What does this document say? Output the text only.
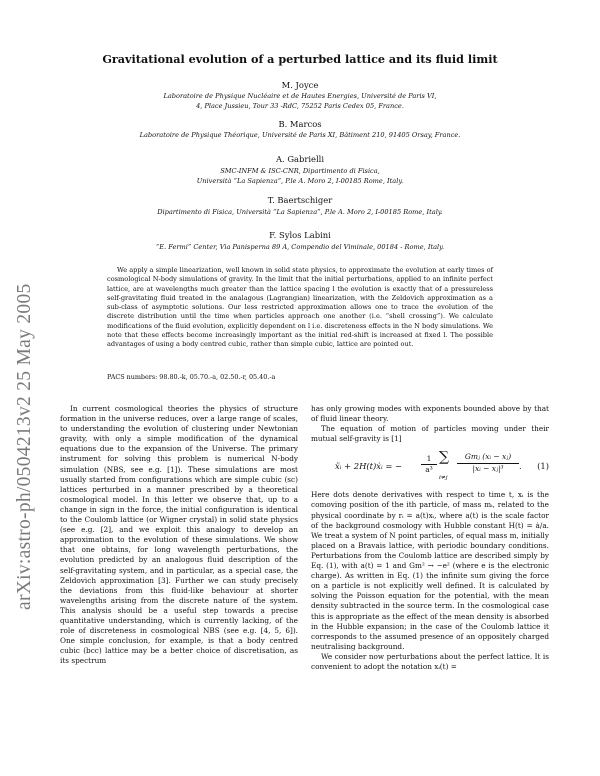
arXiv:astro-ph/0504213v2 25 May 2005
Gravitational evolution of a perturbed lattice and its fluid limit
M. Joyce
Laboratoire de Physique Nucléaire et de Hautes Energies, Université de Paris VI,
4, Place Jussieu, Tour 33 -RdC, 75252 Paris Cedex 05, France.
B. Marcos
Laboratoire de Physique Théorique, Université de Paris XI, Bâtiment 210, 91405 Orsay, France.
A. Gabrielli
SMC-INFM & ISC-CNR, Dipartimento di Fisica,
Università “La Sapienza”, P.le A. Moro 2, I-00185 Rome, Italy.
T. Baertschiger
Dipartimento di Fisica, Università “La Sapienza”, P.le A. Moro 2, I-00185 Rome, Italy.
F. Sylos Labini
“E. Fermi” Center, Via Panisperna 89 A, Compendio del Viminale, 00184 - Rome, Italy.
We apply a simple linearization, well known in solid state physics, to approximate the evolution at early times of cosmological N-body simulations of gravity. In the limit that the initial perturbations, applied to an infinite perfect lattice, are at wavelengths much greater than the lattice spacing l the evolution is exactly that of a pressureless self-gravitating fluid treated in the analagous (Lagrangian) linearization, with the Zeldovich approximation as a sub-class of asymptotic solutions. Our less restricted approximation allows one to trace the evolution of the discrete distribution until the time when particles approach one another (i.e. “shell crossing”). We calculate modifications of the fluid evolution, explicitly dependent on l i.e. discreteness effects in the N body simulations. We note that these effects become increasingly important as the initial red-shift is increased at fixed l. The possible advantages of using a body centred cubic, rather than simple cubic, lattice are pointed out.
PACS numbers: 98.80.-k, 05.70.-a, 02.50.-r, 05.40.-a

In current cosmological theories the physics of structure formation in the universe reduces, over a large range of scales, to understanding the evolution of clustering under Newtonian gravity, with only a simple modification of the dynamical equations due to the expansion of the Universe. The primary instrument for solving this problem is numerical N-body simulation (NBS, see e.g. [1]). These simulations are most usually started from configurations which are simple cubic (sc) lattices perturbed in a manner prescribed by a theoretical cosmological model. In this letter we observe that, up to a change in sign in the force, the initial configuration is identical to the Coulomb lattice (or Wigner crystal) in solid state physics (see e.g. [2], and we exploit this analogy to develop an approximation to the evolution of these simulations. We show that one obtains, for long wavelength perturbations, the evolution predicted by an analogous fluid description of the self-gravitating system, and in particular, as a special case, the Zeldovich approximation [3]. Further we can study precisely the deviations from this fluid-like behaviour at shorter wavelengths arising from the discrete nature of the system. This analysis should be a useful step towards a precise quantitative understanding, which is currently lacking, of the role of discreteness in cosmological NBS (see e.g. [4, 5, 6]). One simple conclusion, for example, is that a body centred cubic (bcc) lattice may be a better choice of discretisation, as its spectrum

has only growing modes with exponents bounded above by that of fluid linear theory.

The equation of motion of particles moving under their mutual self-gravity is [1]

ẍᵢ + 2H(t)ẋᵢ = −	$\frac{1}{\text{a³}}$ ∑
i≠j
Gmⱼ (xᵢ − xⱼ)
|xᵢ − xⱼ|³	. (1)

Here dots denote derivatives with respect to time t, xᵢ is the comoving position of the ith particle, of mass mᵢ, related to the physical coordinate by rᵢ = a(t)xᵢ, where a(t) is the scale factor of the background cosmology with Hubble constant H(t) = ȧ/a. We treat a system of N point particles, of equal mass m, initially placed on a Bravais lattice, with periodic boundary conditions. Perturbations from the Coulomb lattice are described simply by Eq. (1), with a(t) = 1 and Gm² → −e² (where e is the electronic charge). As written in Eq. (1) the infinite sum giving the force on a particle is not explicitly well defined. It is calculated by solving the Poisson equation for the potential, with the mean density subtracted in the source term. In the cosmological case this is appropriate as the effect of the mean density is absorbed in the Hubble expansion; in the case of the Coulomb lattice it corresponds to the assumed presence of an oppositely charged neutralising background.

We consider now perturbations about the perfect lattice. It is convenient to adopt the notation xᵢ(t) =
